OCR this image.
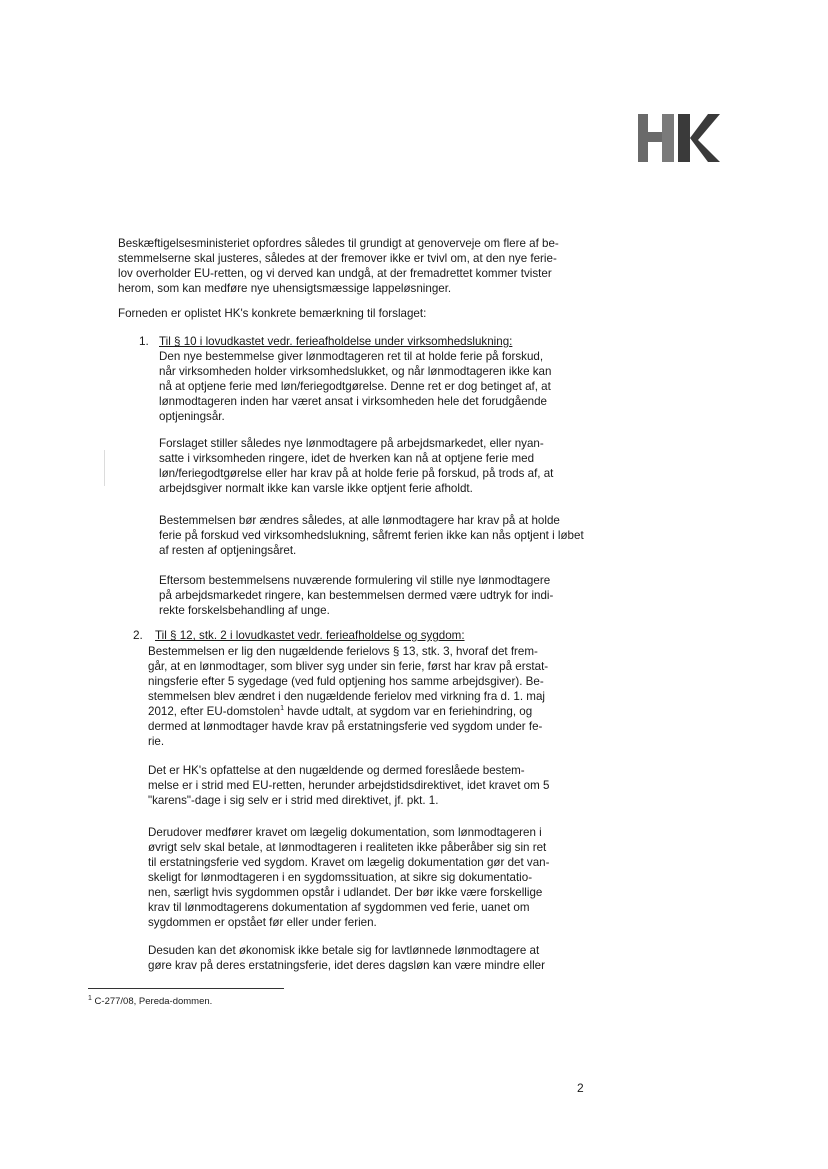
Beskæftigelsesministeriet opfordres således til grundigt at genoverveje om flere af be-
stemmelserne skal justeres, således at der fremover ikke er tvivl om, at den nye ferie-
lov overholder EU-retten, og vi derved kan undgå, at der fremadrettet kommer tvister
herom, som kan medføre nye uhensigtsmæssige lappeløsninger.
Forneden er oplistet HK's konkrete bemærkning til forslaget:
1. Til § 10 i lovudkastet vedr. ferieafholdelse under virksomhedslukning:
Den nye bestemmelse giver lønmodtageren ret til at holde ferie på forskud,
når virksomheden holder virksomhedslukket, og når lønmodtageren ikke kan
nå at optjene ferie med løn/feriegodtgørelse. Denne ret er dog betinget af, at
lønmodtageren inden har været ansat i virksomheden hele det forudgående
optjeningsår.
Forslaget stiller således nye lønmodtagere på arbejdsmarkedet, eller nyan-
satte i virksomheden ringere, idet de hverken kan nå at optjene ferie med
løn/feriegodtgørelse eller har krav på at holde ferie på forskud, på trods af, at
arbejdsgiver normalt ikke kan varsle ikke optjent ferie afholdt.
Bestemmelsen bør ændres således, at alle lønmodtagere har krav på at holde
ferie på forskud ved virksomhedslukning, såfremt ferien ikke kan nås optjent i løbet
af resten af optjeningsåret.
Eftersom bestemmelsens nuværende formulering vil stille nye lønmodtagere
på arbejdsmarkedet ringere, kan bestemmelsen dermed være udtryk for indi-
rekte forskelsbehandling af unge.
2. Til § 12, stk. 2 i lovudkastet vedr. ferieafholdelse og sygdom:
Bestemmelsen er lig den nugældende ferielovs § 13, stk. 3, hvoraf det frem-
går, at en lønmodtager, som bliver syg under sin ferie, først har krav på erstat-
ningsferie efter 5 sygedage (ved fuld optjening hos samme arbejdsgiver). Be-
stemmelsen blev ændret i den nugældende ferielov med virkning fra d. 1. maj
2012, efter EU-domstolen$^1$ havde udtalt, at sygdom var en feriehindring, og
dermed at lønmodtager havde krav på erstatningsferie ved sygdom under fe-
rie.
Det er HK's opfattelse at den nugældende og dermed foreslåede bestem-
melse er i strid med EU-retten, herunder arbejdstidsdirektivet, idet kravet om 5
"karens"-dage i sig selv er i strid med direktivet, jf. pkt. 1.
Derudover medfører kravet om lægelig dokumentation, som lønmodtageren i
øvrigt selv skal betale, at lønmodtageren i realiteten ikke påberåber sig sin ret
til erstatningsferie ved sygdom. Kravet om lægelig dokumentation gør det van-
skeligt for lønmodtageren i en sygdomssituation, at sikre sig dokumentatio-
nen, særligt hvis sygdommen opstår i udlandet. Der bør ikke være forskellige
krav til lønmodtagerens dokumentation af sygdommen ved ferie, uanet om
sygdommen er opstået før eller under ferien.
Desuden kan det økonomisk ikke betale sig for lavtlønnede lønmodtagere at
gøre krav på deres erstatningsferie, idet deres dagsløn kan være mindre eller
$^1$ C-277/08, Pereda-dommen.
2
